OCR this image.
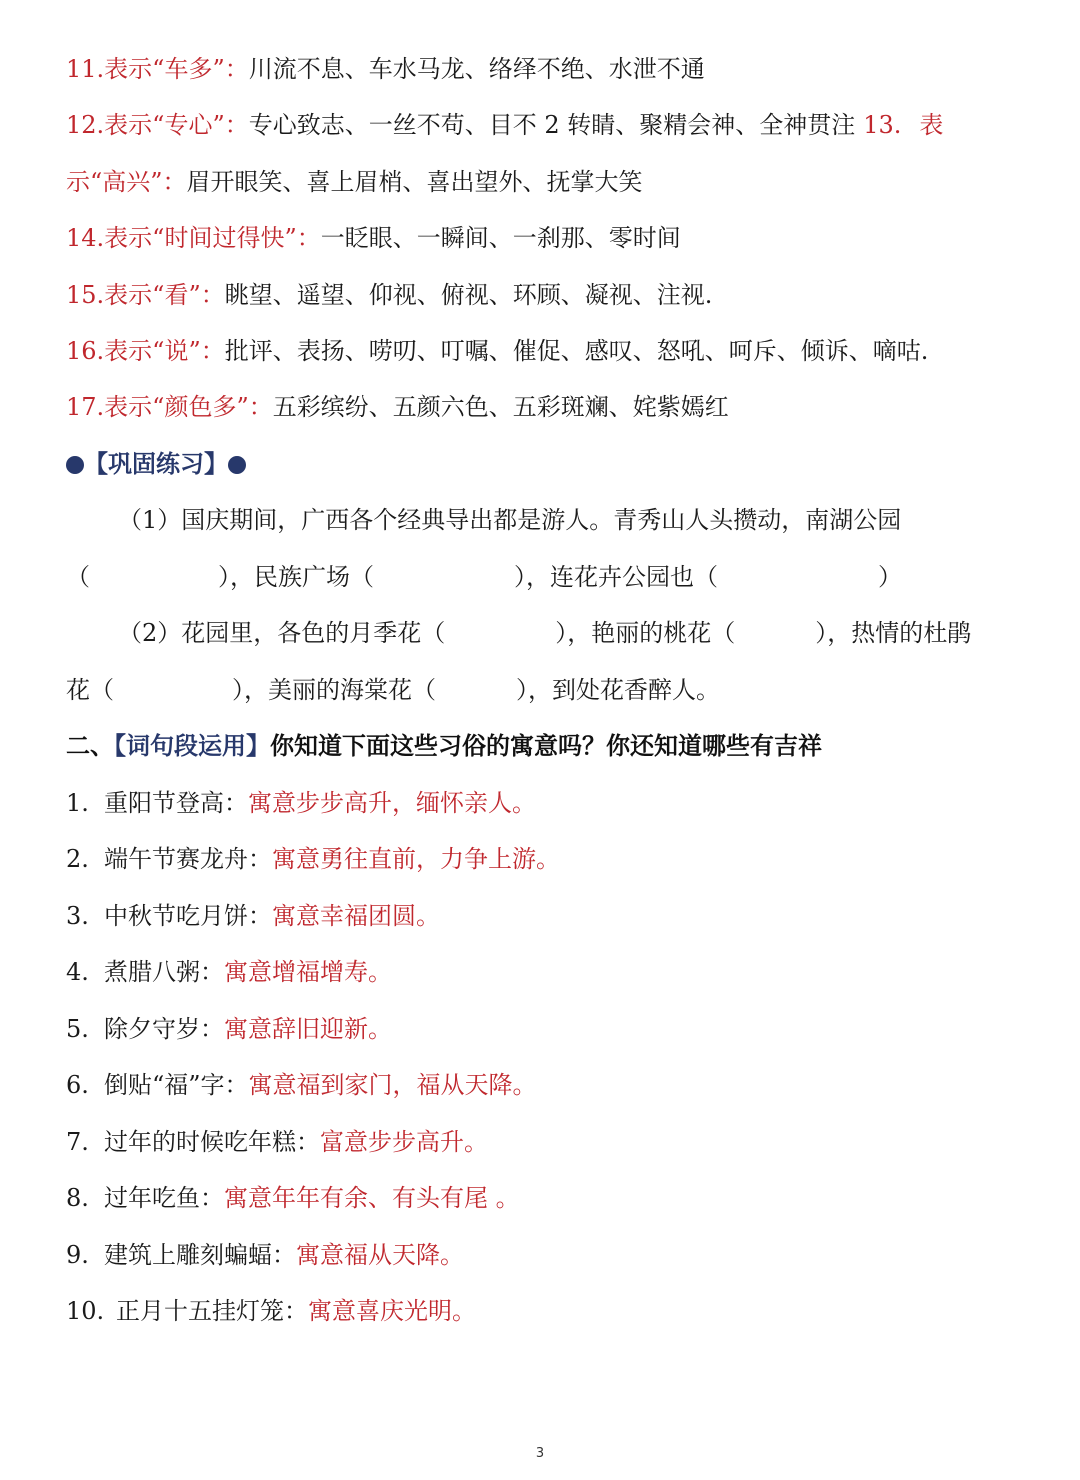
11.表示“车多”：川流不息、车水马龙、络绎不绝、水泄不通
12.表示“专心”：专心致志、一丝不苟、目不 2 转睛、聚精会神、全神贯注 13. 表
示“高兴”：眉开眼笑、喜上眉梢、喜出望外、抚掌大笑
14.表示“时间过得快”：一眨眼、一瞬间、一刹那、零时间
15.表示“看”：眺望、遥望、仰视、俯视、环顾、凝视、注视.
16.表示“说”：批评、表扬、唠叨、叮嘱、催促、感叹、怒吼、呵斥、倾诉、嘀咕.
17.表示“颜色多”：五彩缤纷、五颜六色、五彩斑斓、姹紫嫣红
【巩固练习】
（1）国庆期间，广西各个经典导出都是游人。青秀山人头攒动，南湖公园
（	），民族广场（	），连花卉公园也（	）
（2）花园里，各色的月季花（	），艳丽的桃花（	），热情的杜鹃
花（	），美丽的海棠花（	），到处花香醉人。
二、【词句段运用】你知道下面这些习俗的寓意吗？你还知道哪些有吉祥
1. 重阳节登高：寓意步步高升，缅怀亲人。
2. 端午节赛龙舟：寓意勇往直前，力争上游。
3. 中秋节吃月饼：寓意幸福团圆。
4. 煮腊八粥：寓意增福增寿。
5. 除夕守岁：寓意辞旧迎新。
6. 倒贴“福”字：寓意福到家门，福从天降。
7. 过年的时候吃年糕：富意步步高升。
8. 过年吃鱼：寓意年年有余、有头有尾 。
9. 建筑上雕刻蝙蝠：寓意福从天降。
10. 正月十五挂灯笼：寓意喜庆光明。
3
